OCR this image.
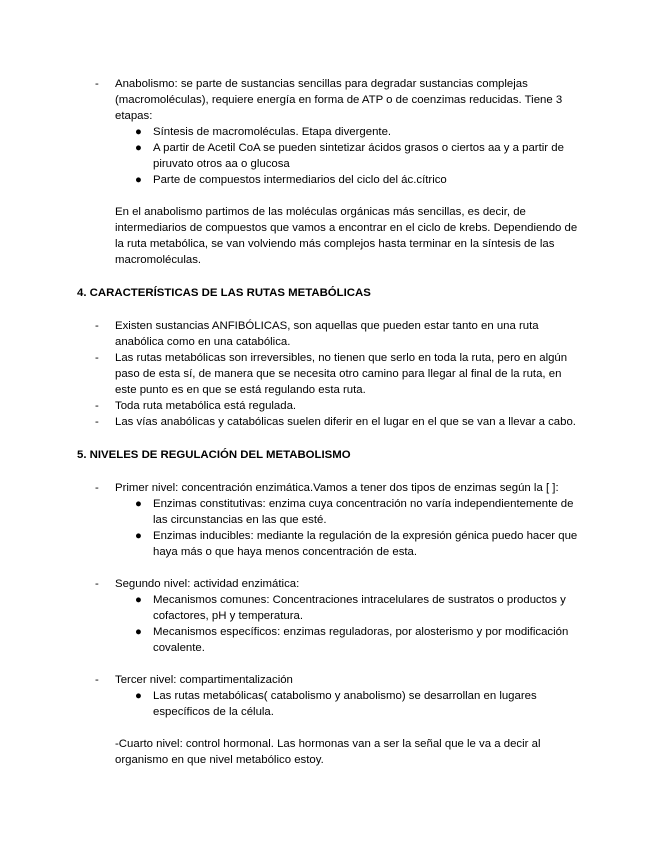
- Anabolismo: se parte de sustancias sencillas para degradar sustancias complejas (macromoléculas), requiere energía en forma de ATP o de coenzimas reducidas. Tiene 3 etapas:
● Síntesis de macromoléculas. Etapa divergente.
● A partir de Acetil CoA se pueden sintetizar ácidos grasos o ciertos aa y a partir de piruvato otros aa o glucosa
● Parte de compuestos intermediarios del ciclo del ác.cítrico
En el anabolismo partimos de las moléculas orgánicas más sencillas, es decir, de intermediarios de compuestos que vamos a encontrar en el ciclo de krebs. Dependiendo de la ruta metabólica, se van volviendo más complejos hasta terminar en la síntesis de las macromoléculas.
4. CARACTERÍSTICAS DE LAS RUTAS METABÓLICAS
- Existen sustancias ANFIBÓLICAS, son aquellas que pueden estar tanto en una ruta anabólica como en una catabólica.
- Las rutas metabólicas son irreversibles, no tienen que serlo en toda la ruta, pero en algún paso de esta sí, de manera que se necesita otro camino para llegar al final de la ruta, en este punto es en que se está regulando esta ruta.
- Toda ruta metabólica está regulada.
- Las vías anabólicas y catabólicas suelen diferir en el lugar en el que se van a llevar a cabo.
5. NIVELES DE REGULACIÓN DEL METABOLISMO
- Primer nivel: concentración enzimática.Vamos a tener dos tipos de enzimas según la [ ]:
● Enzimas constitutivas: enzima cuya concentración no varía independientemente de las circunstancias en las que esté.
● Enzimas inducibles: mediante la regulación de la expresión génica puedo hacer que haya más o que haya menos concentración de esta.
- Segundo nivel: actividad enzimática:
● Mecanismos comunes: Concentraciones intracelulares de sustratos o productos y cofactores, pH y temperatura.
● Mecanismos específicos: enzimas reguladoras, por alosterismo y por modificación covalente.
- Tercer nivel: compartimentalización
● Las rutas metabólicas( catabolismo y anabolismo) se desarrollan en lugares específicos de la célula.
-Cuarto nivel: control hormonal. Las hormonas van a ser la señal que le va a decir al organismo en que nivel metabólico estoy.
